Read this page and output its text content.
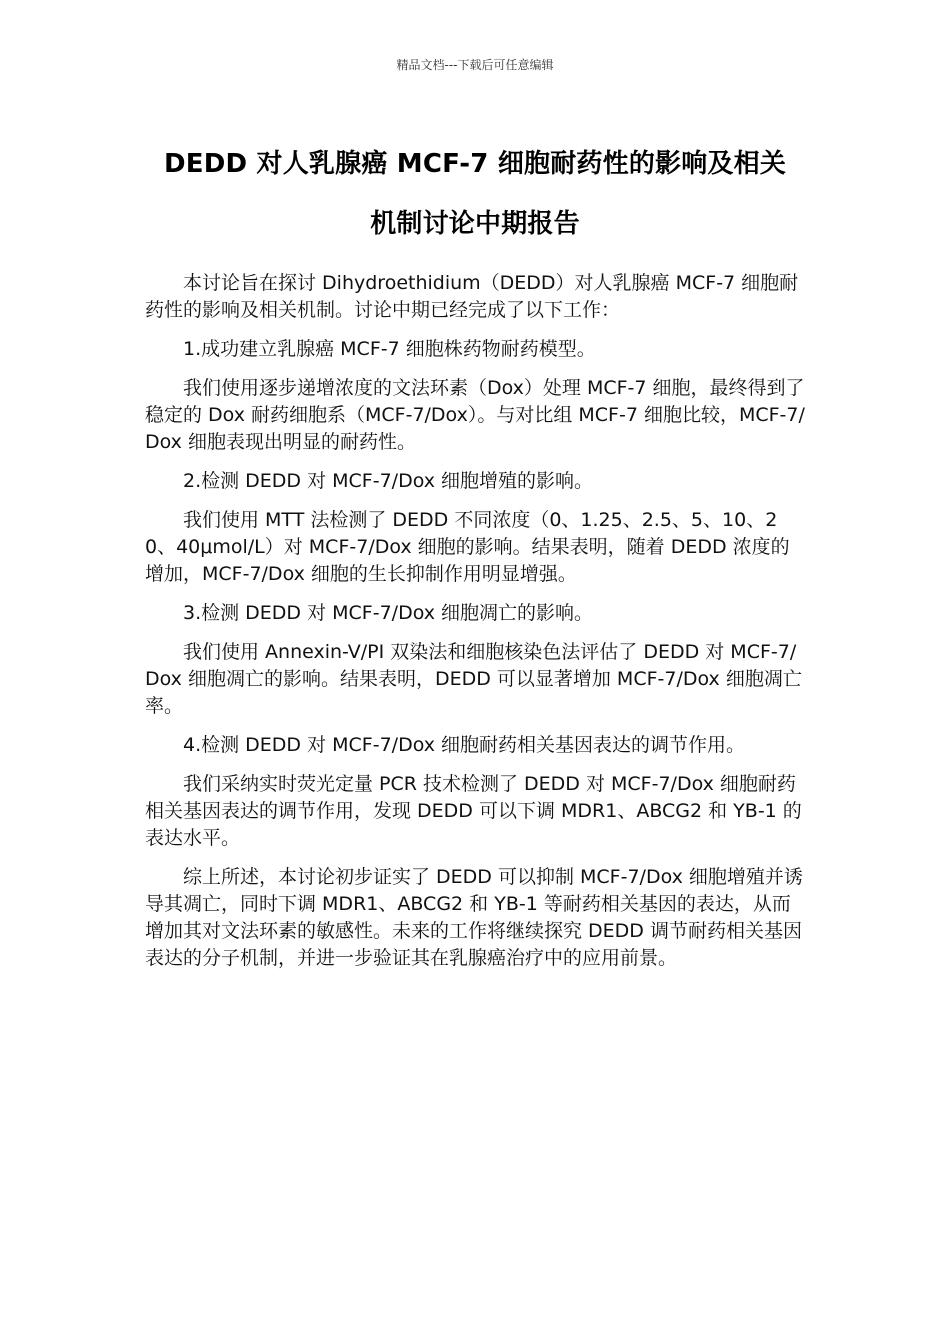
精品文档---下载后可任意编辑
DEDD 对人乳腺癌 MCF-7 细胞耐药性的影响及相关
机制讨论中期报告

本讨论旨在探讨 Dihydroethidium（DEDD）对人乳腺癌 MCF-7 细胞耐药性的影响及相关机制。讨论中期已经完成了以下工作：

1.成功建立乳腺癌 MCF-7 细胞株药物耐药模型。

我们使用逐步递增浓度的文法环素（Dox）处理 MCF-7 细胞，最终得到了稳定的 Dox 耐药细胞系（MCF-7/Dox）。与对比组 MCF-7 细胞比较，MCF-7/Dox 细胞表现出明显的耐药性。

2.检测 DEDD 对 MCF-7/Dox 细胞增殖的影响。

我们使用 MTT 法检测了 DEDD 不同浓度（0、1.25、2.5、5、10、20、40μmol/L）对 MCF-7/Dox 细胞的影响。结果表明，随着 DEDD 浓度的增加，MCF-7/Dox 细胞的生长抑制作用明显增强。

3.检测 DEDD 对 MCF-7/Dox 细胞凋亡的影响。

我们使用 Annexin-V/PI 双染法和细胞核染色法评估了 DEDD 对 MCF-7/Dox 细胞凋亡的影响。结果表明，DEDD 可以显著增加 MCF-7/Dox 细胞凋亡率。

4.检测 DEDD 对 MCF-7/Dox 细胞耐药相关基因表达的调节作用。

我们采纳实时荧光定量 PCR 技术检测了 DEDD 对 MCF-7/Dox 细胞耐药相关基因表达的调节作用，发现 DEDD 可以下调 MDR1、ABCG2 和 YB-1 的表达水平。

综上所述，本讨论初步证实了 DEDD 可以抑制 MCF-7/Dox 细胞增殖并诱导其凋亡，同时下调 MDR1、ABCG2 和 YB-1 等耐药相关基因的表达，从而增加其对文法环素的敏感性。未来的工作将继续探究 DEDD 调节耐药相关基因表达的分子机制，并进一步验证其在乳腺癌治疗中的应用前景。
